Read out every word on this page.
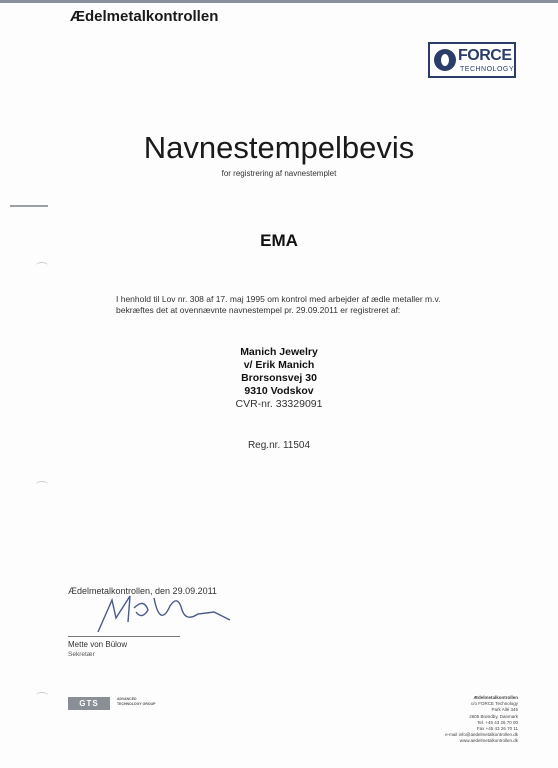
Ædelmetalkontrollen
FORCE
TECHNOLOGY
Navnestempelbevis
for registrering af navnestemplet
EMA
I henhold til Lov nr. 308 af 17. maj 1995 om kontrol med arbejder af ædle metaller m.v.
bekræftes det at ovennævnte navnestempel pr. 29.09.2011 er registreret af:
Manich Jewelry
v/ Erik Manich
Brorsonsvej 30
9310 Vodskov
CVR-nr. 33329091
Reg.nr. 11504
Ædelmetalkontrollen, den 29.09.2011
Mette von Bülow
Sekretær
GTS	ADVANCED
TECHNOLOGY GROUP
Ædelmetalkontrollen
c/o FORCE Technology
Park Allé 345
2605 Brøndby, Danmark
Tel. +45 43 26 70 00
Fax +45 43 26 70 11
e-mail info@aedelmetalkontrollen.dk
www.aedelmetalkontrollen.dk
